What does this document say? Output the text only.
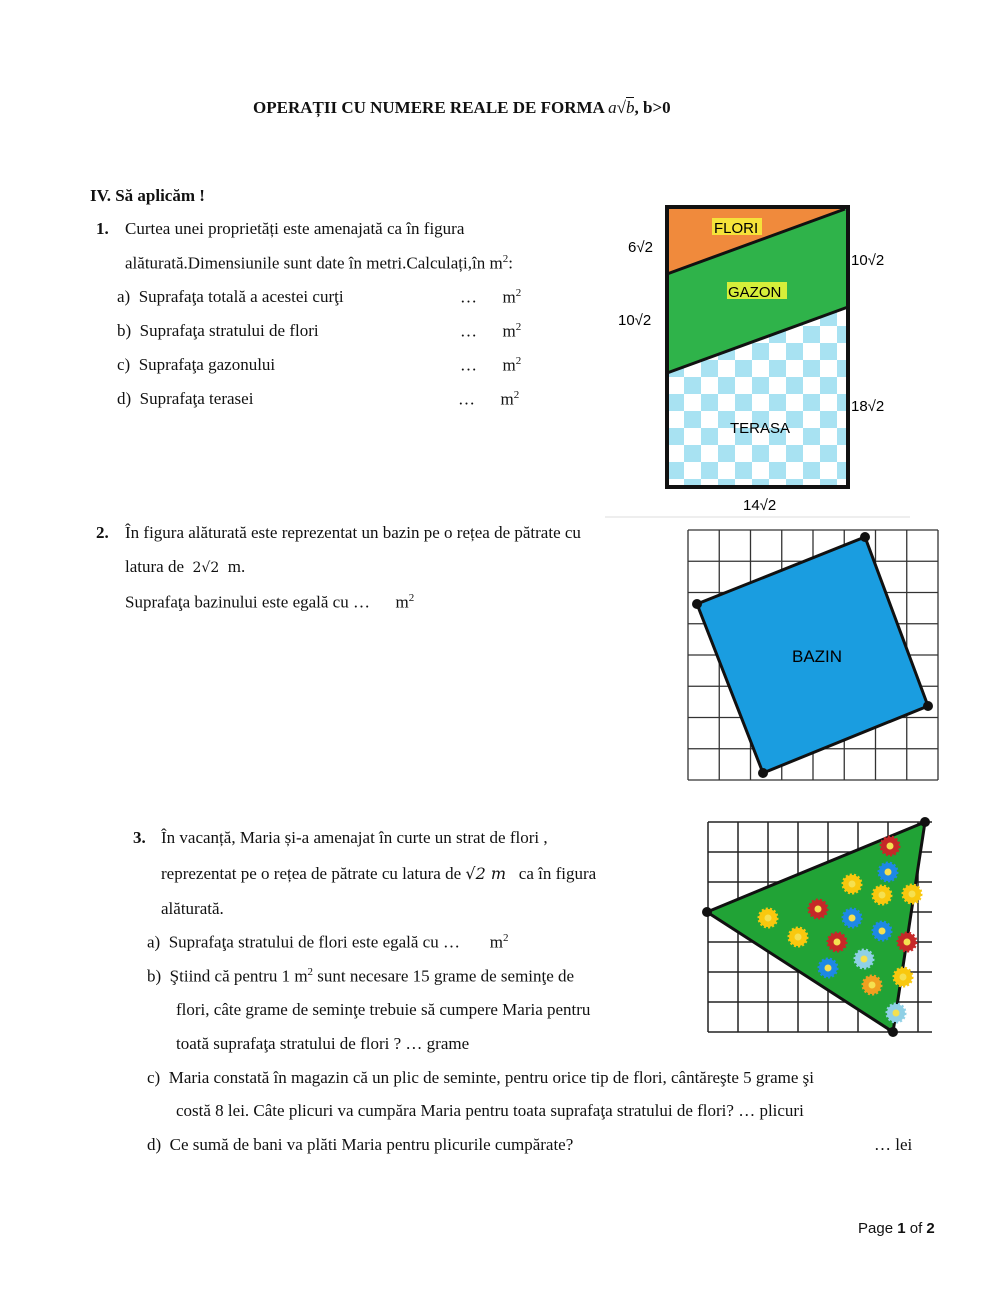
OPERAȚII CU NUMERE REALE DE FORMA a√b, b>0
IV. Să aplicăm !
1. Curtea unei proprietăți este amenajată ca în figura
alăturată.Dimensiunile sunt date în metri.Calculați,în $m^2$:
a) Suprafaţa totală a acestei curţi	… $m^2$
b) Suprafaţa stratului de flori	… $m^2$
c) Suprafaţa gazonului	… $m^2$
d) Suprafaţa terasei	… $m^2$
FLORI
GAZON
TERASA
6√2
10√2
10√2
18√2
14√2
2. În figura alăturată este reprezentat un bazin pe o rețea de pătrate cu
latura de 2√2 m.
Suprafaţa bazinului este egală cu … $m^2$
BAZIN
3. În vacanță, Maria și-a amenajat în curte un strat de flori ,
reprezentat pe o rețea de pătrate cu latura de √2 m ca în figura
alăturată.
a) Suprafaţa stratului de flori este egală cu … $m^2$
b) Ştiind că pentru 1 $m^2$ sunt necesare 15 grame de seminţe de
flori, câte grame de seminţe trebuie să cumpere Maria pentru
toată suprafaţa stratului de flori ? … grame
c) Maria constată în magazin că un plic de seminte, pentru orice tip de flori, cântăreşte 5 grame şi
costă 8 lei. Câte plicuri va cumpăra Maria pentru toata suprafaţa stratului de flori? … plicuri
d) Ce sumă de bani va plăti Maria pentru plicurile cumpărate?	… lei
Page 1 of 2
